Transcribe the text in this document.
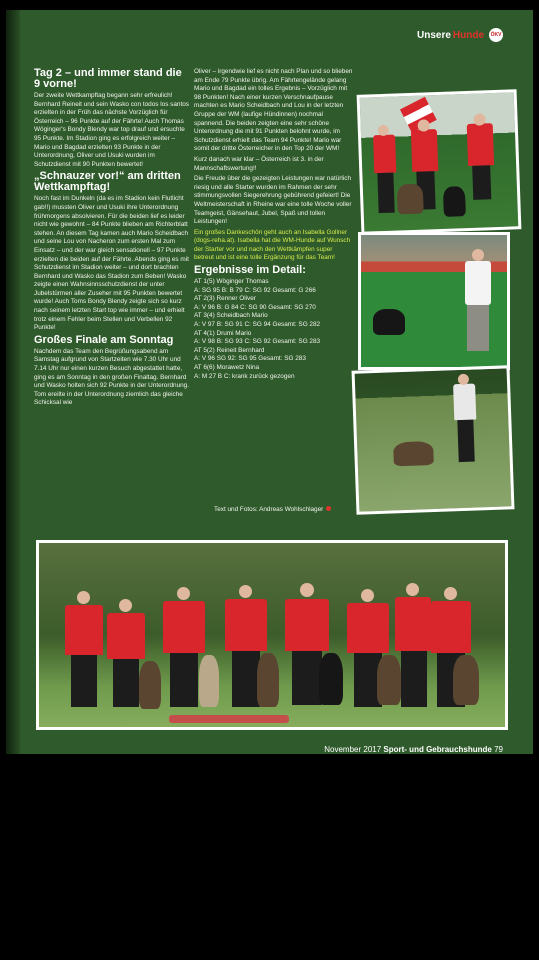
Unsere Hunde	ÖKV
Tag 2 – und immer stand die 9 vorne!

Der zweite Wettkampftag begann sehr erfreulich! Bernhard Reineit und sein Wasko con todos los santos erzielten in der Früh das nächste Vorzüglich für Österreich – 96 Punkte auf der Fährte! Auch Thomas Wöginger's Bondy Blendy war top drauf und ersuchte 95 Punkte. Im Stadion ging es erfolgreich weiter – Mario und Bagdad erzielten 93 Punkte in der Unterordnung, Oliver und Usuki wurden im Schutzdienst mit 90 Punkten bewertet!

„Schnauzer vor!“ am dritten Wettkampftag!

Noch fast im Dunkeln (da es im Stadion kein Flutlicht gab!!) mussten Oliver und Usuki ihre Unterordnung frühmorgens absolvieren. Für die beiden lief es leider nicht wie gewohnt – 84 Punkte blieben am Richterblatt stehen. An diesem Tag kamen auch Mario Scheidbach und seine Lou von Nacheron zum ersten Mal zum Einsatz – und der war gleich sensationell – 97 Punkte erzielten die beiden auf der Fährte. Abends ging es mit Schutzdienst im Stadion weiter – und dort brachten Bernhard und Wasko das Stadion zum Beben! Wasko zeigte einen Wahnsinnsschutzdienst der unter Jubelstürmen aller Zuseher mit 95 Punkten bewertet wurde! Auch Toms Bondy Blendy zeigte sich so kurz nach seinem letzten Start top wie immer – und erhielt trotz einem Fehler beim Stellen und Verbellen 92 Punkte!

Großes Finale am Sonntag

Nachdem das Team den Begrüßungsabend am Samstag aufgrund von Startzeiten wie 7.30 Uhr und 7.14 Uhr nur einen kurzen Besuch abgestattet hatte, ging es am Sonntag in den großen Finaltag. Bernhard und Wasko holten sich 92 Punkte in der Unterordnung. Tom ereilte in der Unterordnung ziemlich das gleiche Schicksal wie

Oliver – irgendwie lief es nicht nach Plan und so blieben am Ende 79 Punkte übrig. Am Fährtengelände gelang Mario und Bagdad ein tolles Ergebnis – Vorzüglich mit 98 Punkten! Nach einer kurzen Verschnaufpause machten es Mario Scheidbach und Lou in der letzten Gruppe der WM (laufige Hündinnen) nochmal spannend. Die beiden zeigten eine sehr schöne Unterordnung die mit 91 Punkten belohnt wurde, im Schutzdienst erhielt das Team 94 Punkte! Mario war somit der dritte Österreicher in den Top 20 der WM!

Kurz danach war klar – Österreich ist 3. in der Mannschaftswertung!!

Die Freude über die gezeigten Leistungen war natürlich riesig und alle Starter wurden im Rahmen der sehr stimmungsvollen Siegerehrung gebührend gefeiert! Die Weltmeisterschaft in Rheine war eine tolle Woche voller Teamgeist, Gänsehaut, Jubel, Spaß und tollen Leistungen!

Ein großes Dankeschön geht auch an Isabella Gollner (dogs-reha.at). Isabella hat die WM-Hunde auf Wunsch der Starter vor und nach den Wettkämpfen super betreut und ist eine tolle Ergänzung für das Team!

Ergebnisse im Detail:

AT 1(5) Wöginger Thomas

A: SG 95 B: B 79 C: SG 92 Gesamt: G 266

AT 2(3) Renner Oliver

A: V 96 B: G 84 C: SG 90 Gesamt: SG 270

AT 3(4) Scheidbach Mario

A: V 97 B: SG 91 C: SG 94 Gesamt: SG 282

AT 4(1) Drumi Mario

A: V 98 B: SG 93 C: SG 92 Gesamt: SG 283

AT 5(2) Reineit Bernhard

A: V 96 SG 92: SG 95 Gesamt: SG 283

AT 6(6) Morawetz Nina

A: M 27 B C: krank zurück gezogen

Text und Fotos: Andreas Wohlschlager
November 2017 Sport- und Gebrauchshunde 79
